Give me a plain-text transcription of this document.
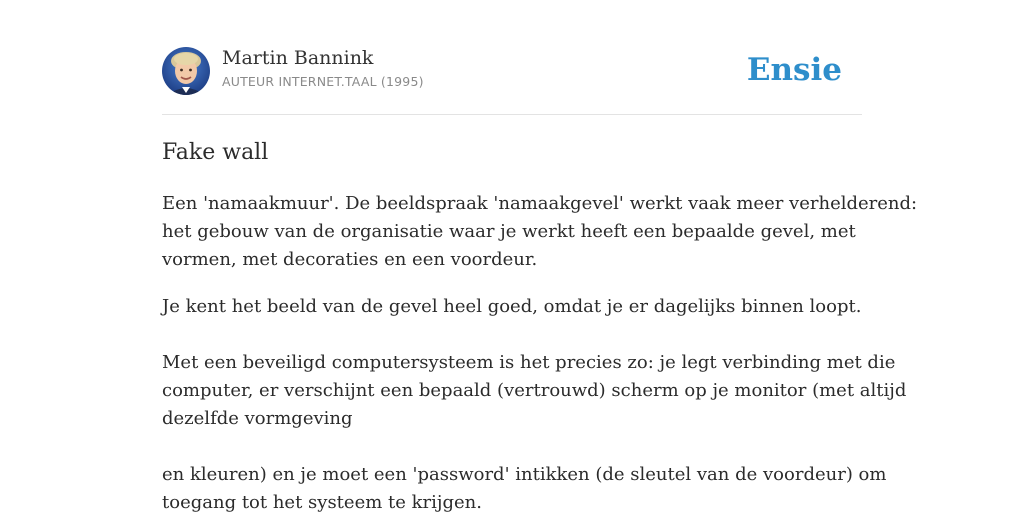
Martin Bannink
AUTEUR INTERNET.TAAL (1995)	Ensie
Fake wall
Een 'namaakmuur'. De beeldspraak 'namaakgevel' werkt vaak meer verhelderend:
het gebouw van de organisatie waar je werkt heeft een bepaalde gevel, met
vormen, met decoraties en een voordeur.
Je kent het beeld van de gevel heel goed, omdat je er dagelijks binnen loopt.
Met een beveiligd computersysteem is het precies zo: je legt verbinding met die
computer, er verschijnt een bepaald (vertrouwd) scherm op je monitor (met altijd
dezelfde vormgeving
en kleuren) en je moet een 'password' intikken (de sleutel van de voordeur) om
toegang tot het systeem te krijgen.
